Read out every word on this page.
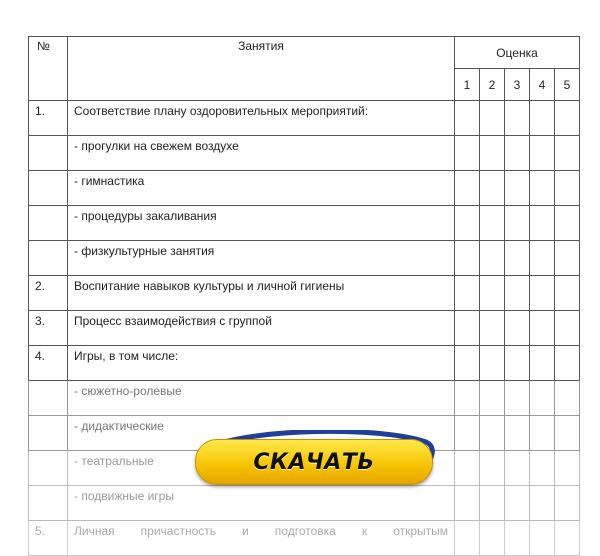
№	Занятия	Оценка				
		1	2	3	4	5
1.	Соответствие плану оздоровительных мероприятий:					
	- прогулки на свежем воздухе					
	- гимнастика					
	- процедуры закаливания					
	- физкультурные занятия					
2.	Воспитание навыков культуры и личной гигиены					
3.	Процесс взаимодействия с группой					
4.	Игры, в том числе:					
	- сюжетно-ролевые					
	- дидактические					
	- театральные					
	- подвижные игры					
5.	Личная причастность и подготовка к открытым					
СКАЧАТЬ
